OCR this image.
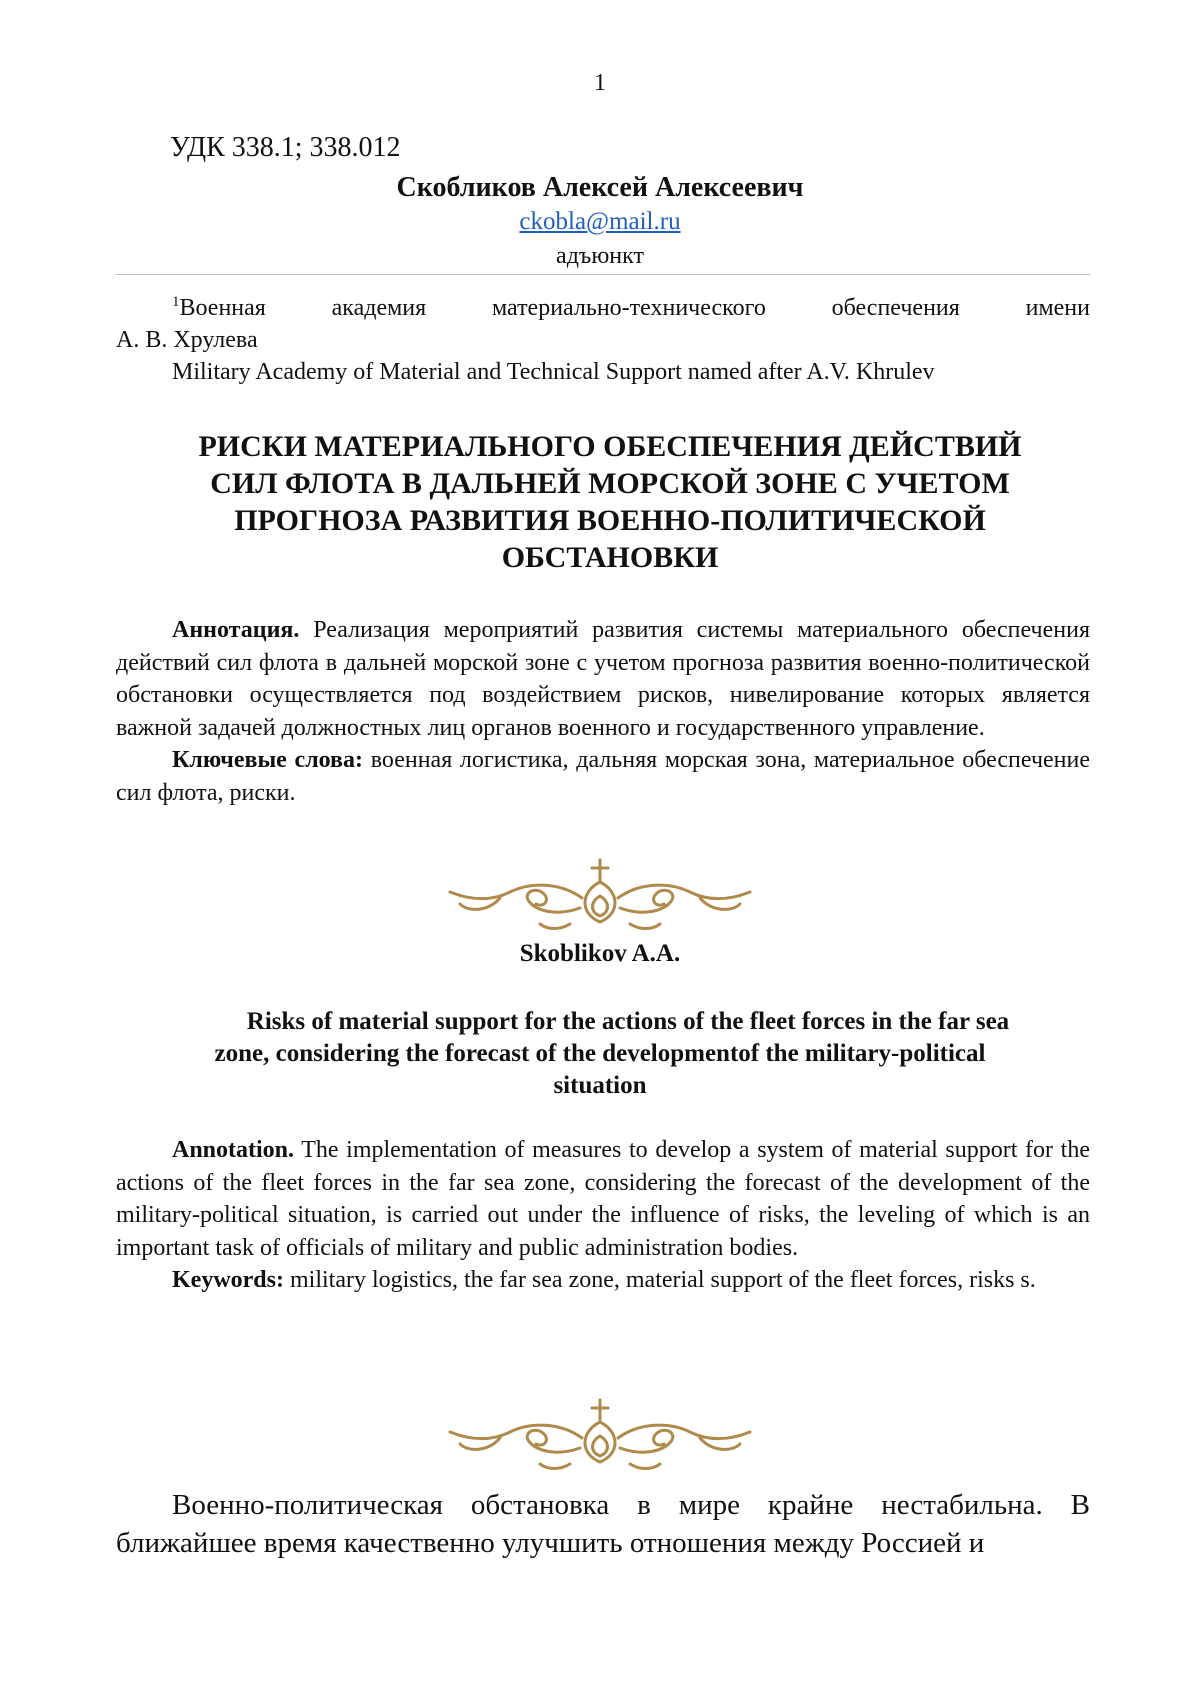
1
УДК 338.1; 338.012
Скобликов Алексей Алексеевич
ckobla@mail.ru
адъюнкт
$^1$Военная академия материально-технического обеспечения имени
А. В. Хрулева
Military Academy of Material and Technical Support named after A.V. Khrulev
РИСКИ МАТЕРИАЛЬНОГО ОБЕСПЕЧЕНИЯ ДЕЙСТВИЙ
СИЛ ФЛОТА В ДАЛЬНЕЙ МОРСКОЙ ЗОНЕ С УЧЕТОМ
ПРОГНОЗА РАЗВИТИЯ ВОЕННО-ПОЛИТИЧЕСКОЙ
ОБСТАНОВКИ

Аннотация. Реализация мероприятий развития системы материального обеспечения действий сил флота в дальней морской зоне с учетом прогноза развития военно-политической обстановки осуществляется под воздействием рисков, нивелирование которых является важной задачей должностных лиц органов военного и государственного управление.

Ключевые слова: военная логистика, дальняя морская зона, материальное обеспечение сил флота, риски.

Skoblikov A.A.
Risks of material support for the actions of the fleet forces in the far sea
zone, considering the forecast of the developmentof the military-political
situation

Annotation. The implementation of measures to develop a system of material support for the actions of the fleet forces in the far sea zone, considering the forecast of the development of the military-political situation, is carried out under the influence of risks, the leveling of which is an important task of officials of military and public administration bodies.

Keywords: military logistics, the far sea zone, material support of the fleet forces, risks s.

Военно-политическая обстановка в мире крайне нестабильна. В ближайшее время качественно улучшить отношения между Россией и
